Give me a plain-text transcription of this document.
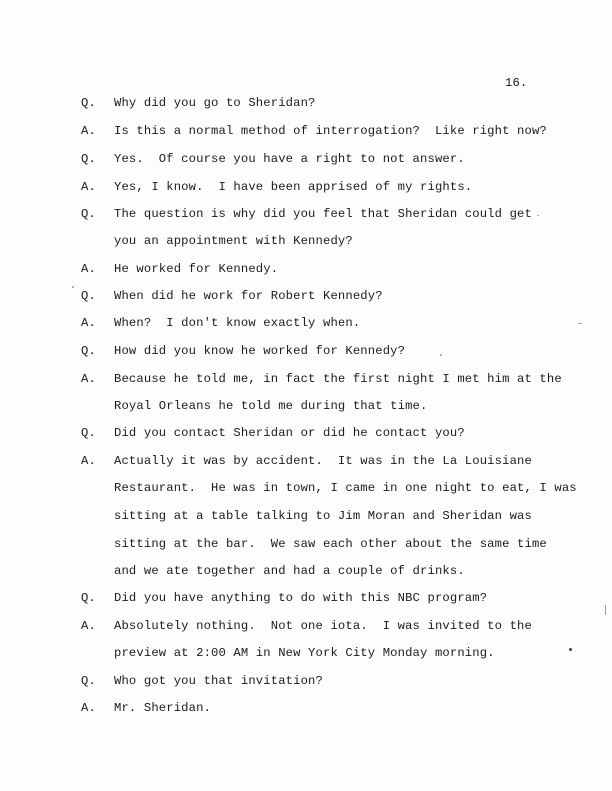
16.
Q. Why did you go to Sheridan?
A. Is this a normal method of interrogation?  Like right now?
Q. Yes.  Of course you have a right to not answer.
A. Yes, I know.  I have been apprised of my rights.
Q. The question is why did you feel that Sheridan could get
you an appointment with Kennedy?
A. He worked for Kennedy.
Q. When did he work for Robert Kennedy?
A. When?  I don't know exactly when.
Q. How did you know he worked for Kennedy?
A. Because he told me, in fact the first night I met him at the
Royal Orleans he told me during that time.
Q. Did you contact Sheridan or did he contact you?
A. Actually it was by accident.  It was in the La Louisiane
Restaurant.  He was in town, I came in one night to eat, I was
sitting at a table talking to Jim Moran and Sheridan was
sitting at the bar.  We saw each other about the same time
and we ate together and had a couple of drinks.
Q. Did you have anything to do with this NBC program?
A. Absolutely nothing.  Not one iota.  I was invited to the
preview at 2:00 AM in New York City Monday morning.
Q. Who got you that invitation?
A. Mr. Sheridan.
